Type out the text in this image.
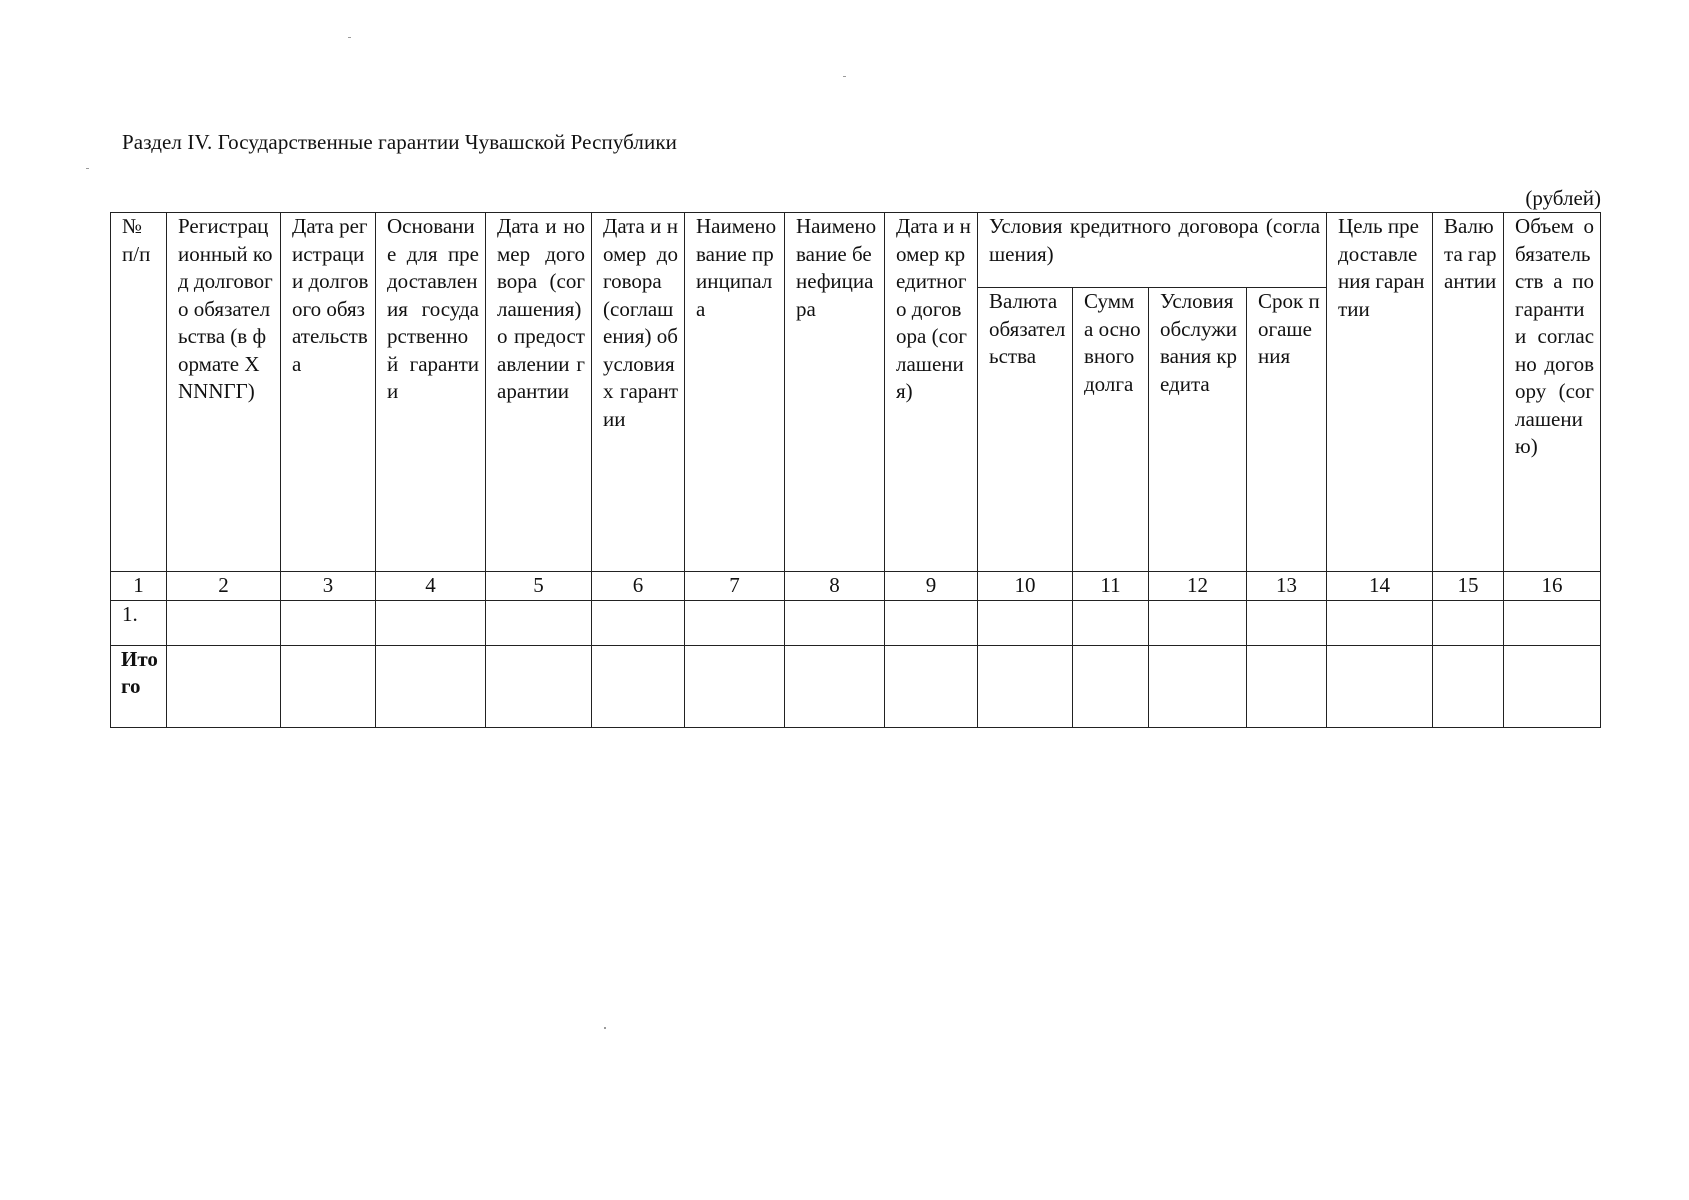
Раздел IV. Государственные гарантии Чувашской Республики
(рублей)
№ п/п	Регистрационный код долгового обязательства (в формате XNNNГГ)	Дата регистрации долгового обязательства	Основание для предоставления государственной гарантии	Дата и номер договора (соглашения) о предоставлении гарантии	Дата и номер договора (соглашения) об условиях гарантии	Наименование принципала	Наименование бенефициара	Дата и номер кредитного договора (соглашения)	Условия кредитного договора (соглашения)				Цель предоставления гарантии	Валюта гарантии	Объем обязательств а по гарантии согласно договору (соглашению)
									Валюта обязательства	Сумма основного долга	Условия обслуживания кредита	Срок погашения			
1	2	3	4	5	6	7	8	9	10	11	12	13	14	15	16
1.															
Итого															
